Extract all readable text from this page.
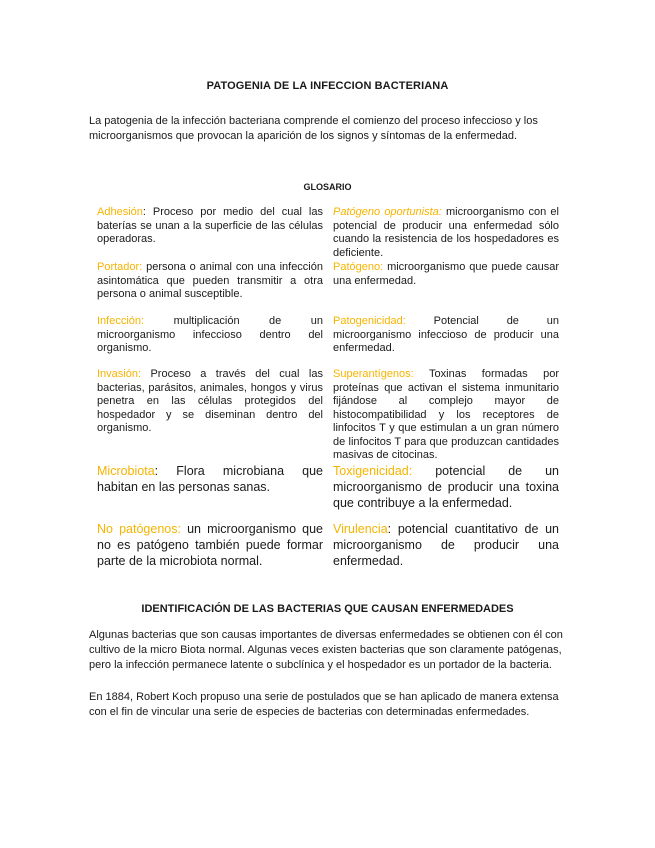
PATOGENIA DE LA INFECCION BACTERIANA
La patogenia de la infección bacteriana comprende el comienzo del proceso infeccioso y los microorganismos que provocan la aparición de los signos y síntomas de la enfermedad.
GLOSARIO
Adhesión: Proceso por medio del cual las baterías se unan a la superficie de las células operadoras.
Portador: persona o animal con una infección asintomática que pueden transmitir a otra persona o animal susceptible.
Infección:	multiplicación de un microorganismo infeccioso dentro del organismo.
Invasión: Proceso a través del cual las bacterias, parásitos, animales, hongos y virus penetra en las células protegidos del hospedador y se diseminan dentro del organismo.
Microbiota: Flora microbiana que habitan en las personas sanas.
No patógenos: un microorganismo que no es patógeno también puede formar parte de la microbiota normal.
Patógeno oportunista: microorganismo con el potencial de producir una enfermedad sólo cuando la resistencia de los hospedadores es deficiente.
Patógeno: microorganismo que puede causar una enfermedad.
Patogenicidad:	Potencial de un microorganismo infeccioso de producir una enfermedad.
Superantígenos: Toxinas formadas por proteínas que activan el sistema inmunitario fijándose al complejo mayor de histocompatibilidad y los receptores de linfocitos T y que estimulan a un gran número de linfocitos T para que produzcan cantidades masivas de citocinas.
Toxigenicidad: potencial de un microorganismo de producir una toxina que contribuye a la enfermedad.
Virulencia: potencial cuantitativo de un microorganismo de producir una enfermedad.
IDENTIFICACIÓN DE LAS BACTERIAS QUE CAUSAN ENFERMEDADES
Algunas bacterias que son causas importantes de diversas enfermedades se obtienen con él con cultivo de la micro Biota normal. Algunas veces existen bacterias que son claramente patógenas, pero la infección permanece latente o subclínica y el hospedador es un portador de la bacteria.
En 1884, Robert Koch propuso una serie de postulados que se han aplicado de manera extensa con el fin de vincular una serie de especies de bacterias con determinadas enfermedades.
